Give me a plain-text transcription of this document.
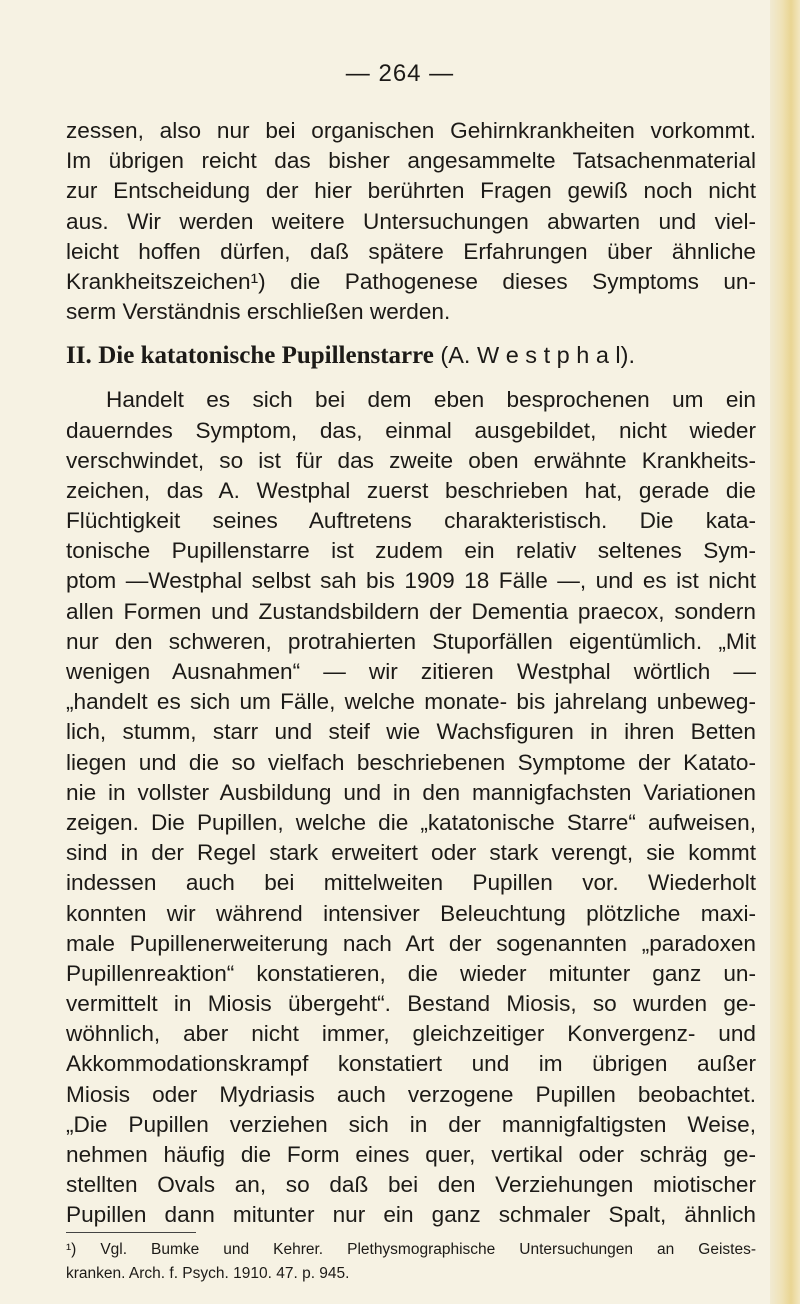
— 264 —
zessen, also nur bei organischen Gehirnkrankheiten vorkommt.
Im übrigen reicht das bisher angesammelte Tatsachenmaterial
zur Entscheidung der hier berührten Fragen gewiß noch nicht
aus. Wir werden weitere Untersuchungen abwarten und viel-
leicht hoffen dürfen, daß spätere Erfahrungen über ähnliche
Krankheitszeichen¹) die Pathogenese dieses Symptoms un-
serm Verständnis erschließen werden.
II. Die katatonische Pupillenstarre (A. W e s t p h a l).
Handelt es sich bei dem eben besprochenen um ein
dauerndes Symptom, das, einmal ausgebildet, nicht wieder
verschwindet, so ist für das zweite oben erwähnte Krankheits-
zeichen, das A. Westphal zuerst beschrieben hat, gerade die
Flüchtigkeit seines Auftretens charakteristisch. Die kata-
tonische Pupillenstarre ist zudem ein relativ seltenes Sym-
ptom —Westphal selbst sah bis 1909 18 Fälle —, und es ist nicht
allen Formen und Zustandsbildern der Dementia praecox, sondern
nur den schweren, protrahierten Stuporfällen eigentümlich. „Mit
wenigen Ausnahmen“ — wir zitieren Westphal wörtlich —
„handelt es sich um Fälle, welche monate- bis jahrelang unbeweg-
lich, stumm, starr und steif wie Wachsfiguren in ihren Betten
liegen und die so vielfach beschriebenen Symptome der Katato-
nie in vollster Ausbildung und in den mannigfachsten Variationen
zeigen. Die Pupillen, welche die „katatonische Starre“ aufweisen,
sind in der Regel stark erweitert oder stark verengt, sie kommt
indessen auch bei mittelweiten Pupillen vor. Wiederholt
konnten wir während intensiver Beleuchtung plötzliche maxi-
male Pupillenerweiterung nach Art der sogenannten „paradoxen
Pupillenreaktion“ konstatieren, die wieder mitunter ganz un-
vermittelt in Miosis übergeht“. Bestand Miosis, so wurden ge-
wöhnlich, aber nicht immer, gleichzeitiger Konvergenz- und
Akkommodationskrampf konstatiert und im übrigen außer
Miosis oder Mydriasis auch verzogene Pupillen beobachtet.
„Die Pupillen verziehen sich in der mannigfaltigsten Weise,
nehmen häufig die Form eines quer, vertikal oder schräg ge-
stellten Ovals an, so daß bei den Verziehungen miotischer
Pupillen dann mitunter nur ein ganz schmaler Spalt, ähnlich
¹) Vgl. Bumke und Kehrer. Plethysmographische Untersuchungen an Geistes-
kranken. Arch. f. Psych. 1910. 47. p. 945.
